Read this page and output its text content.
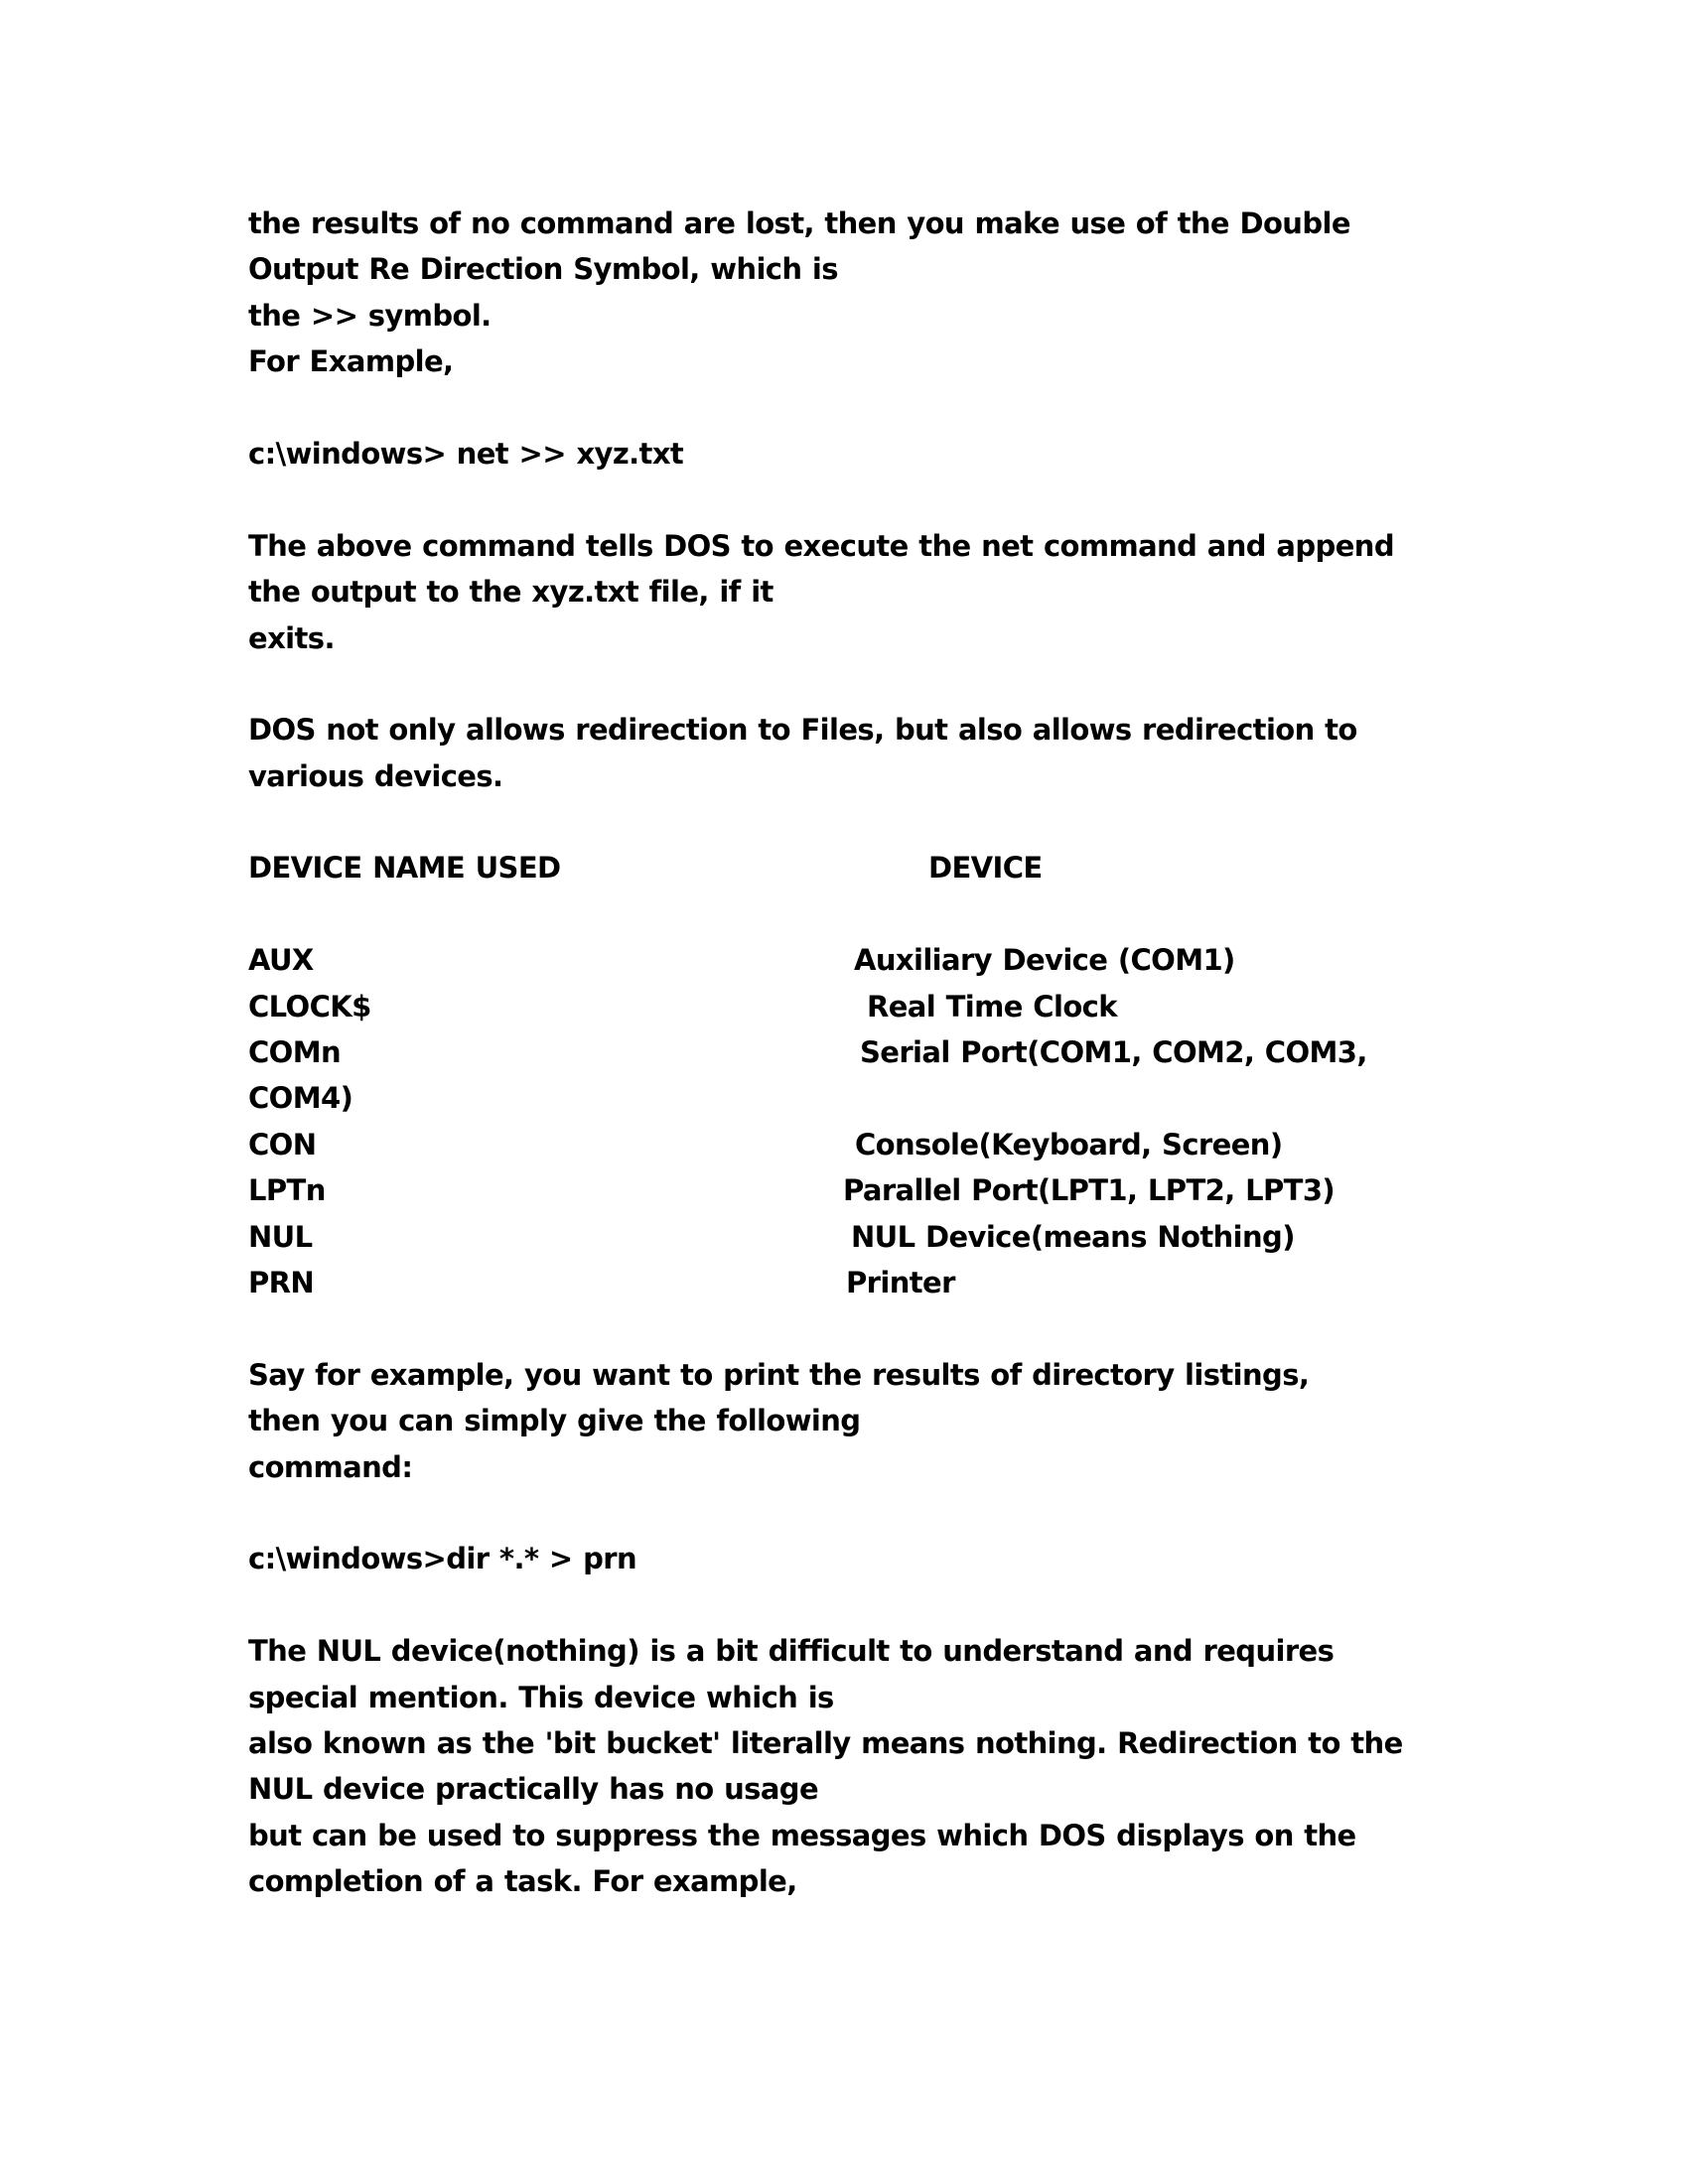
the results of no command are lost, then you make use of the Double
Output Re Direction Symbol, which is
the >> symbol.
For Example,
c:\windows> net >> xyz.txt
The above command tells DOS to execute the net command and append
the output to the xyz.txt file, if it
exits.
DOS not only allows redirection to Files, but also allows redirection to
various devices.

DEVICE NAME USED

	DEVICE

AUX

	Auxiliary Device (COM1)

CLOCK$

	Real Time Clock

COMn

	Serial Port(COM1, COM2, COM3,

COM4)

CON

	Console(Keyboard, Screen)

LPTn

	Parallel Port(LPT1, LPT2, LPT3)

NUL

	NUL Device(means Nothing)

PRN

	Printer

Say for example, you want to print the results of directory listings,
then you can simply give the following
command:
c:\windows>dir *.* > prn
The NUL device(nothing) is a bit difficult to understand and requires
special mention. This device which is
also known as the 'bit bucket' literally means nothing. Redirection to the
NUL device practically has no usage
but can be used to suppress the messages which DOS displays on the
completion of a task. For example,
